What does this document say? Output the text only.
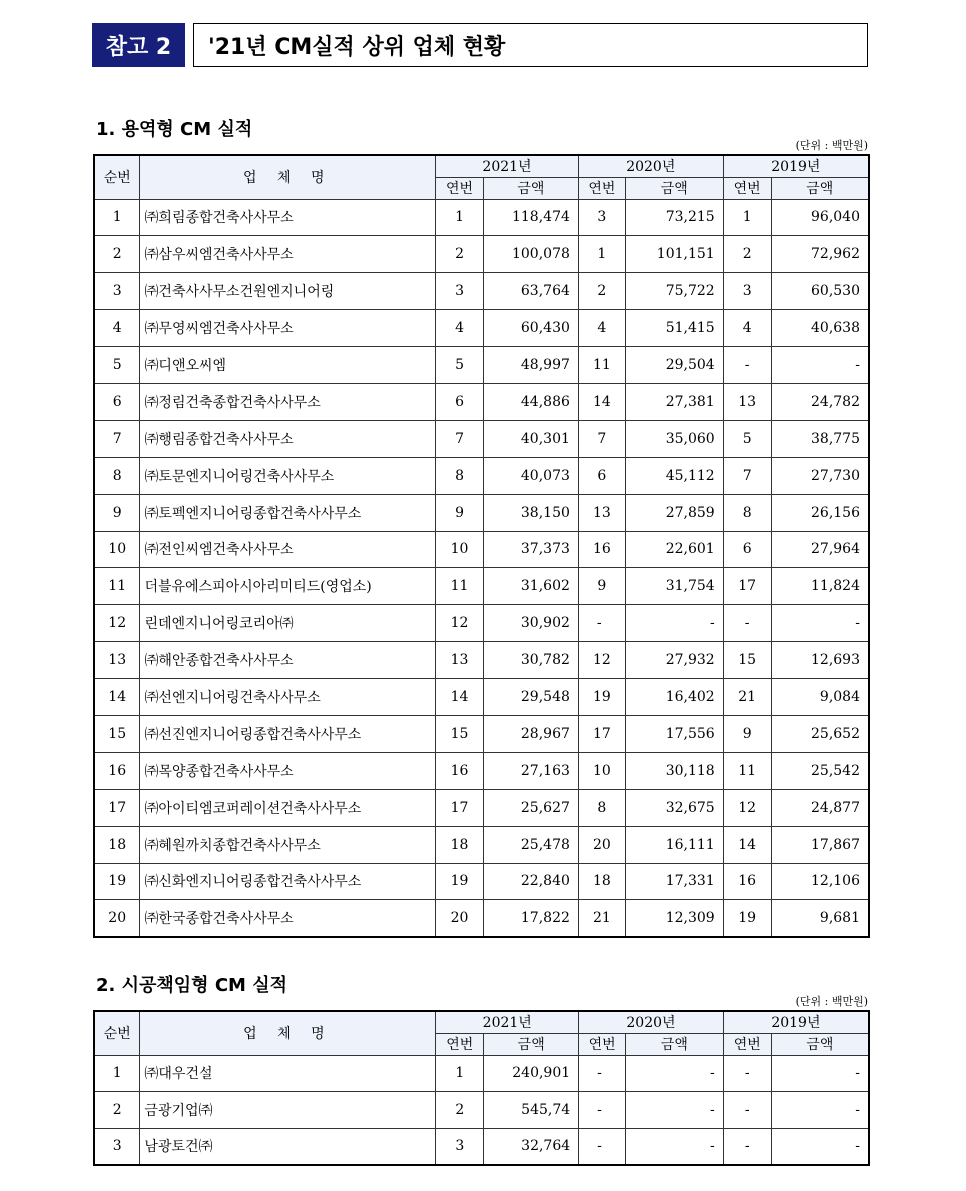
참고 2	'21년 CM실적 상위 업체 현황
1. 용역형 CM 실적
(단위 : 백만원)
순번	업 체 명	2021년		2020년		2019년	
		연번	금액	연번	금액	연번	금액
1	㈜희림종합건축사사무소	1	118,474	3	73,215	1	96,040
2	㈜삼우씨엠건축사사무소	2	100,078	1	101,151	2	72,962
3	㈜건축사사무소건원엔지니어링	3	63,764	2	75,722	3	60,530
4	㈜무영씨엠건축사사무소	4	60,430	4	51,415	4	40,638
5	㈜디앤오씨엠	5	48,997	11	29,504	-	-
6	㈜정림건축종합건축사사무소	6	44,886	14	27,381	13	24,782
7	㈜행림종합건축사사무소	7	40,301	7	35,060	5	38,775
8	㈜토문엔지니어링건축사사무소	8	40,073	6	45,112	7	27,730
9	㈜토펙엔지니어링종합건축사사무소	9	38,150	13	27,859	8	26,156
10	㈜전인씨엠건축사사무소	10	37,373	16	22,601	6	27,964
11	더블유에스피아시아리미티드(영업소)	11	31,602	9	31,754	17	11,824
12	린데엔지니어링코리아㈜	12	30,902	-	-	-	-
13	㈜해안종합건축사사무소	13	30,782	12	27,932	15	12,693
14	㈜선엔지니어링건축사사무소	14	29,548	19	16,402	21	9,084
15	㈜선진엔지니어링종합건축사사무소	15	28,967	17	17,556	9	25,652
16	㈜목양종합건축사사무소	16	27,163	10	30,118	11	25,542
17	㈜아이티엠코퍼레이션건축사사무소	17	25,627	8	32,675	12	24,877
18	㈜혜원까치종합건축사사무소	18	25,478	20	16,111	14	17,867
19	㈜신화엔지니어링종합건축사사무소	19	22,840	18	17,331	16	12,106
20	㈜한국종합건축사사무소	20	17,822	21	12,309	19	9,681
2. 시공책임형 CM 실적
(단위 : 백만원)
순번	업 체 명	2021년		2020년		2019년	
		연번	금액	연번	금액	연번	금액
1	㈜대우건설	1	240,901	-	-	-	-
2	금광기업㈜	2	545,74	-	-	-	-
3	남광토건㈜	3	32,764	-	-	-	-
